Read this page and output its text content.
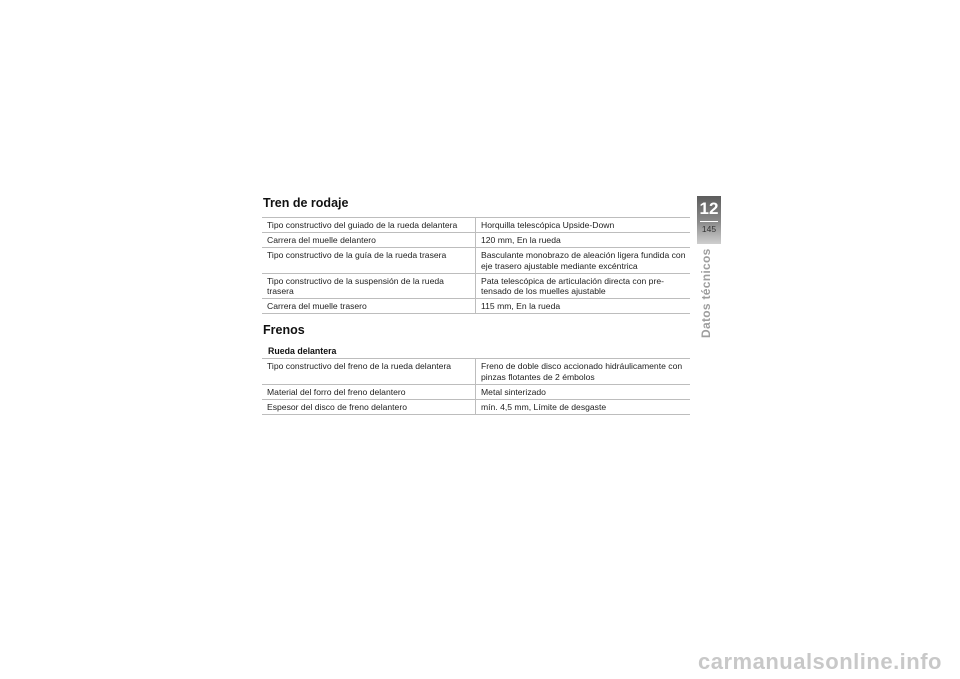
Tren de rodaje
Tipo constructivo del guiado de la rueda delantera	Horquilla telescópica Upside-Down
Carrera del muelle delantero	120 mm, En la rueda
Tipo constructivo de la guía de la rueda trasera	Basculante monobrazo de aleación ligera fundida con eje trasero ajustable mediante excéntrica
Tipo constructivo de la suspensión de la rueda trasera	Pata telescópica de articulación directa con pre-tensado de los muelles ajustable
Carrera del muelle trasero	115 mm, En la rueda
Frenos
Rueda delantera
Tipo constructivo del freno de la rueda delantera	Freno de doble disco accionado hidráulicamente con pinzas flotantes de 2 émbolos
Material del forro del freno delantero	Metal sinterizado
Espesor del disco de freno delantero	mín. 4,5 mm, Límite de desgaste
12
145
Datos técnicos
carmanualsonline.info
